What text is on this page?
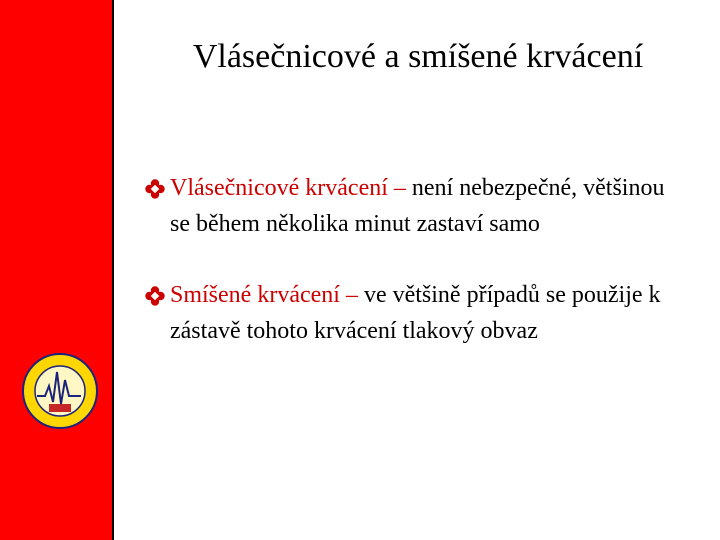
Vlásečnicové a smíšené krvácení
Vlásečnicové krvácení – není nebezpečné, většinou se během několika minut zastaví samo
Smíšené krvácení – ve většině případů se použije k zástavě tohoto krvácení tlakový obvaz
